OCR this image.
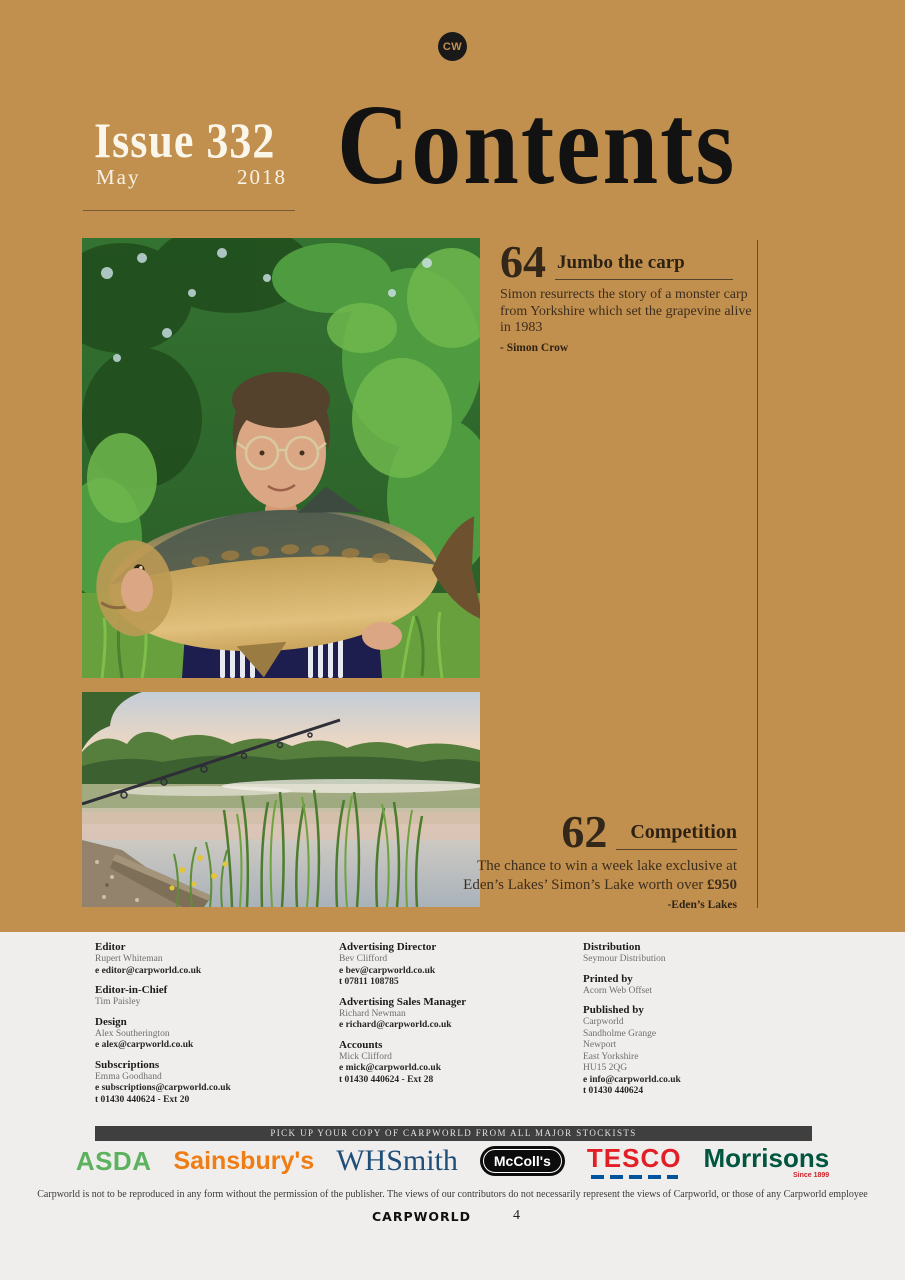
CW
Issue 332
May	2018 Contents
64 Jumbo the carp

Simon resurrects the story of a monster carp from Yorkshire which set the grapevine alive in 1983

- Simon Crow

62	Competition

The chance to win a week lake exclusive at Eden’s Lakes’ Simon’s Lake worth over £950

-Eden’s Lakes

Editor

Rupert Whiteman

e editor@carpworld.co.uk

Editor-in-Chief

Tim Paisley

Design

Alex Southerington

e alex@carpworld.co.uk

Subscriptions

Emma Goodhand

e subscriptions@carpworld.co.uk

t 01430 440624 - Ext 20

Advertising Director

Bev Clifford

e bev@carpworld.co.uk

t 07811 108785

Advertising Sales Manager

Richard Newman

e richard@carpworld.co.uk

Accounts

Mick Clifford

e mick@carpworld.co.uk

t 01430 440624 - Ext 28

Distribution

Seymour Distribution

Printed by

Acorn Web Offset

Published by

Carpworld

Sandholme Grange

Newport

East Yorkshire

HU15 2QG

e info@carpworld.co.uk

t 01430 440624

PICK UP YOUR COPY OF CARPWORLD FROM ALL MAJOR STOCKISTS
ASDA Sainsbury's WHSmith	McColl's	TESCO Morrisons
Since 1899
Carpworld is not to be reproduced in any form without the permission of the publisher. The views of our contributors do not necessarily represent the views of Carpworld, or those of any Carpworld employee
CARPWORLD	4
